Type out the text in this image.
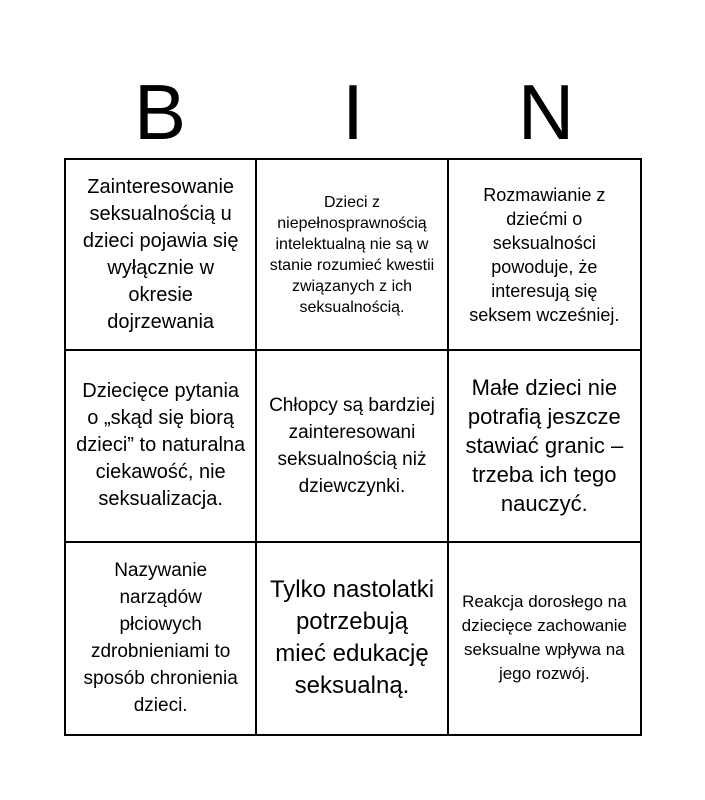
B	I	N
Zainteresowanie seksualnością u dzieci pojawia się wyłącznie w okresie dojrzewania
Dzieci z niepełnosprawnością intelektualną nie są w stanie rozumieć kwestii związanych z ich seksualnością.
Rozmawianie z dziećmi o seksualności powoduje, że interesują się seksem wcześniej.
Dziecięce pytania o „skąd się biorą dzieci” to naturalna ciekawość, nie seksualizacja.
Chłopcy są bardziej zainteresowani seksualnością niż dziewczynki.
Małe dzieci nie potrafią jeszcze stawiać granic – trzeba ich tego nauczyć.
Nazywanie narządów płciowych zdrobnieniami to sposób chronienia dzieci.
Tylko nastolatki potrzebują mieć edukację seksualną.
Reakcja dorosłego na dziecięce zachowanie seksualne wpływa na jego rozwój.
